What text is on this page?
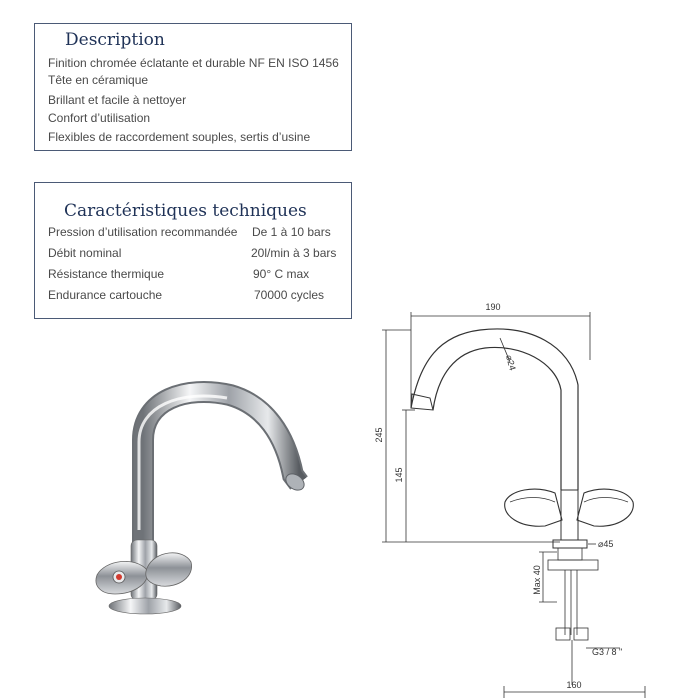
Description
Finition chromée éclatante et durable NF EN ISO 1456
Tête en céramique
Brillant et facile à nettoyer
Confort d’utilisation
Flexibles de raccordement souples, sertis d’usine
Caractéristiques techniques
Pression d’utilisation recommandée De 1 à 10 bars
Débit nominal	20l/min à 3 bars
Résistance thermique	90° C max
Endurance cartouche	70000 cycles
190
⌀24
245
145
⌀45
Max 40
G3 / 8 "
160
